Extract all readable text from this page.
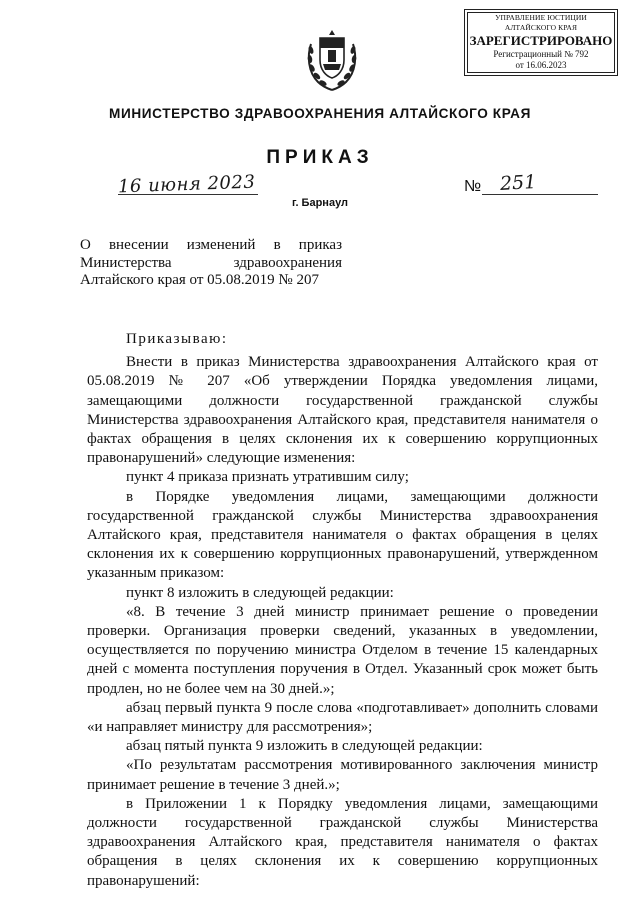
УПРАВЛЕНИЕ ЮСТИЦИИ
АЛТАЙСКОГО КРАЯ
ЗАРЕГИСТРИРОВАНО
Регистрационный № 792
от 16.06.2023
МИНИСТЕРСТВО ЗДРАВООХРАНЕНИЯ АЛТАЙСКОГО КРАЯ
ПРИКАЗ
16 июня 2023	№ 251
г. Барнаул
О внесении изменений в приказ Министерства здравоохранения Алтайского края от 05.08.2019 № 207

Приказываю:

Внести в приказ Министерства здравоохранения Алтайского края от 05.08.2019 № 207 «Об утверждении Порядка уведомления лицами, замещающими должности государственной гражданской службы Министерства здравоохранения Алтайского края, представителя нанимателя о фактах обращения в целях склонения их к совершению коррупционных правонарушений» следующие изменения:

пункт 4 приказа признать утратившим силу;

в Порядке уведомления лицами, замещающими должности государственной гражданской службы Министерства здравоохранения Алтайского края, представителя нанимателя о фактах обращения в целях склонения их к совершению коррупционных правонарушений, утвержденном указанным приказом:

пункт 8 изложить в следующей редакции:

«8. В течение 3 дней министр принимает решение о проведении проверки. Организация проверки сведений, указанных в уведомлении, осуществляется по поручению министра Отделом в течение 15 календарных дней с момента поступления поручения в Отдел. Указанный срок может быть продлен, но не более чем на 30 дней.»;

абзац первый пункта 9 после слова «подготавливает» дополнить словами «и направляет министру для рассмотрения»;

абзац пятый пункта 9 изложить в следующей редакции:

«По результатам рассмотрения мотивированного заключения министр принимает решение в течение 3 дней.»;

в Приложении 1 к Порядку уведомления лицами, замещающими должности государственной гражданской службы Министерства здравоохранения Алтайского края, представителя нанимателя о фактах обращения в целях склонения их к совершению коррупционных правонарушений:
